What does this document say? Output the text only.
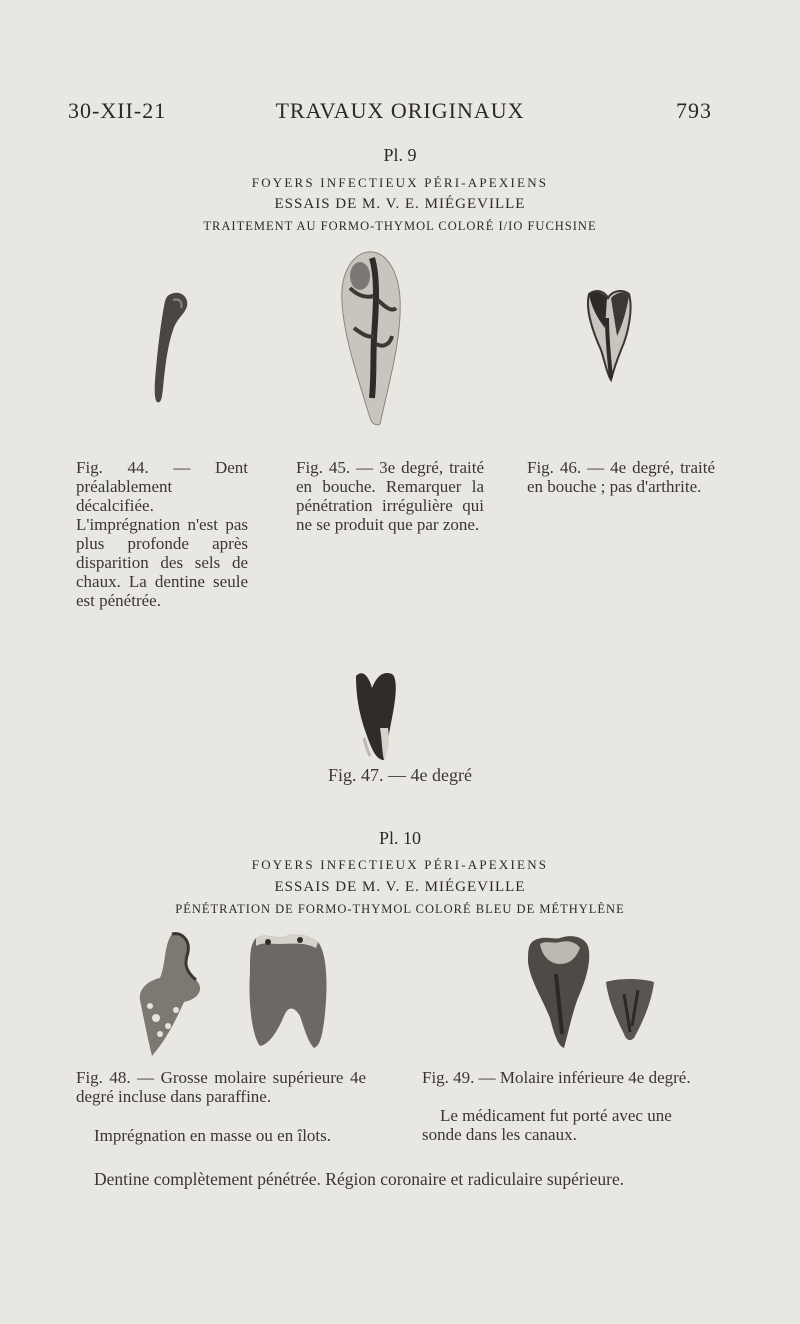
30-XII-21	TRAVAUX ORIGINAUX	793
Pl. 9
FOYERS INFECTIEUX PÉRI-APEXIENS
ESSAIS DE M. V. E. MIÉGEVILLE
TRAITEMENT AU FORMO-THYMOL COLORÉ I/IO FUCHSINE
Fig. 44. — Dent préalablement décalcifiée. L'imprégnation n'est pas plus profonde après disparition des sels de chaux. La dentine seule est pénétrée.
Fig. 45. — 3e degré, traité en bouche. Remarquer la pénétration irrégulière qui ne se produit que par zone.
Fig. 46. — 4e degré, traité en bouche ; pas d'arthrite.
Fig. 47. — 4e degré
Pl. 10
FOYERS INFECTIEUX PÉRI-APEXIENS
ESSAIS DE M. V. E. MIÉGEVILLE
PÉNÉTRATION DE FORMO-THYMOL COLORÉ BLEU DE MÉTHYLÈNE
Fig. 48. — Grosse molaire supérieure 4e degré incluse dans paraffine.
Imprégnation en masse ou en îlots.
Fig. 49. — Molaire inférieure 4e degré.
Le médicament fut porté avec une sonde dans les canaux.
Dentine complètement pénétrée. Région coronaire et radiculaire supérieure.
